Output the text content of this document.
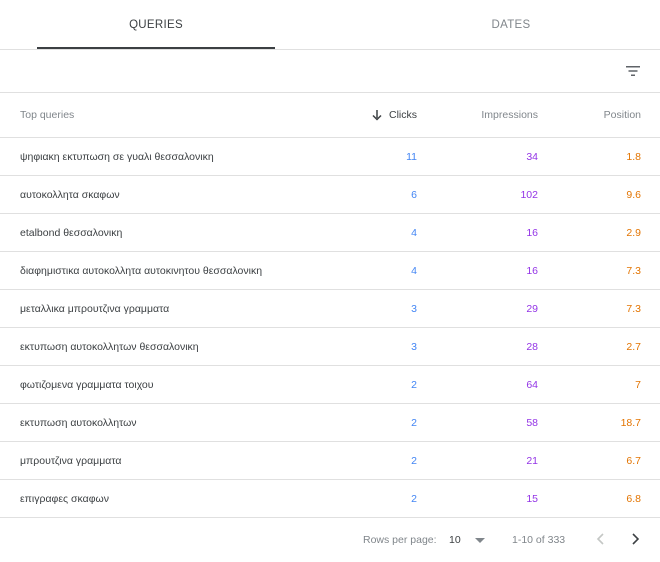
QUERIES	DATES
Top queries	Clicks	Impressions	Position
ψηφιακη εκτυπωση σε γυαλι θεσσαλονικη	11	34	1.8
αυτοκολλητα σκαφων	6	102	9.6
etalbond θεσσαλονικη	4	16	2.9
διαφημιστικα αυτοκολλητα αυτοκινητου θεσσαλονικη	4	16	7.3
μεταλλικα μπρουτζινα γραμματα	3	29	7.3
εκτυπωση αυτοκολλητων θεσσαλονικη	3	28	2.7
φωτιζομενα γραμματα τοιχου	2	64	7
εκτυπωση αυτοκολλητων	2	58	18.7
μπρουτζινα γραμματα	2	21	6.7
επιγραφες σκαφων	2	15	6.8
Rows per page: 10	1-10 of 333
